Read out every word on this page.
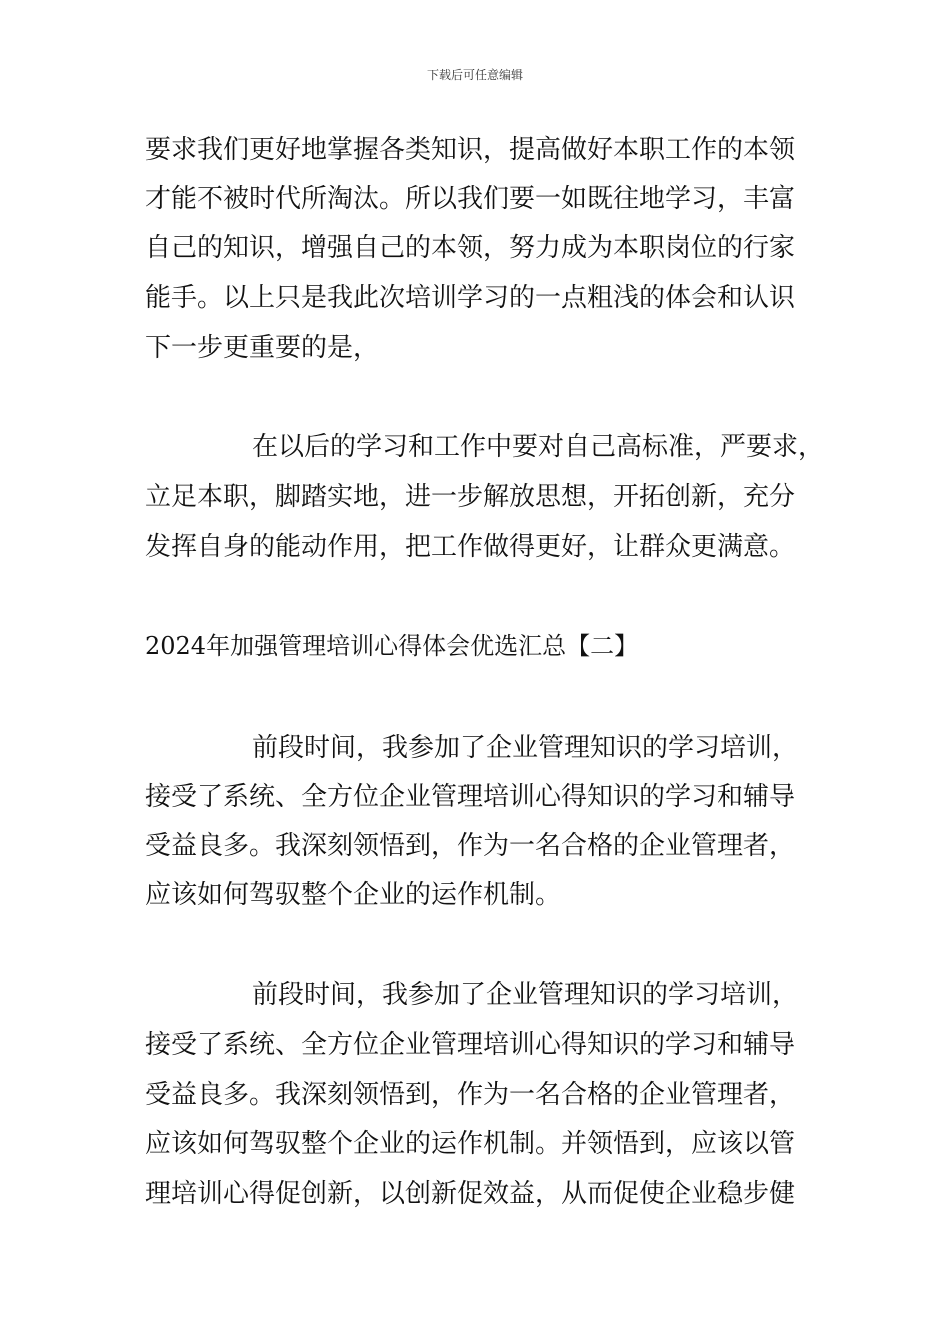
下载后可任意编辑
要求我们更好地掌握各类知识，提高做好本职工作的本领
才能不被时代所淘汰。所以我们要一如既往地学习，丰富
自己的知识，增强自己的本领，努力成为本职岗位的行家
能手。以上只是我此次培训学习的一点粗浅的体会和认识
下一步更重要的是，
在以后的学习和工作中要对自己高标准，严要求，
立足本职，脚踏实地，进一步解放思想，开拓创新，充分
发挥自身的能动作用，把工作做得更好，让群众更满意。
2024年加强管理培训心得体会优选汇总【二】
前段时间，我参加了企业管理知识的学习培训，
接受了系统、全方位企业管理培训心得知识的学习和辅导
受益良多。我深刻领悟到，作为一名合格的企业管理者，
应该如何驾驭整个企业的运作机制。
前段时间，我参加了企业管理知识的学习培训，
接受了系统、全方位企业管理培训心得知识的学习和辅导
受益良多。我深刻领悟到，作为一名合格的企业管理者，
应该如何驾驭整个企业的运作机制。并领悟到，应该以管
理培训心得促创新，以创新促效益，从而促使企业稳步健
